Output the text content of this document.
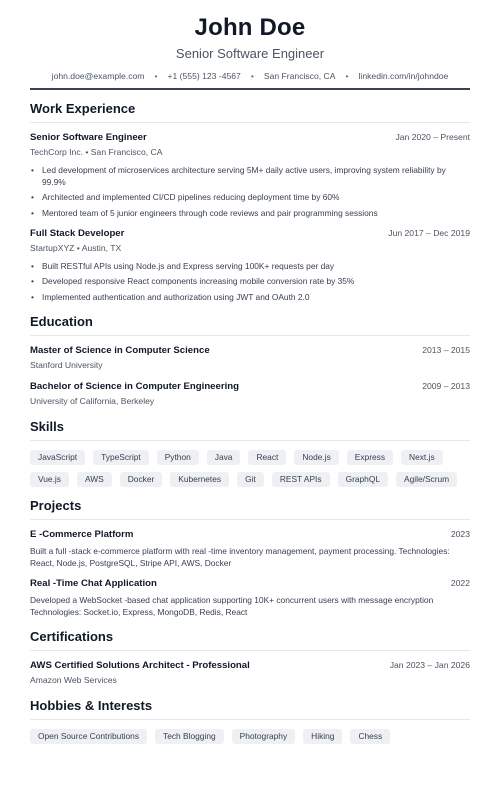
John Doe
Senior Software Engineer
john.doe@example.com • +1 (555) 123 -4567 • San Francisco, CA • linkedin.com/in/johndoe
Work Experience
Senior Software Engineer	Jan 2020 – Present
TechCorp Inc. • San Francisco, CA
• Led development of microservices architecture serving 5M+ daily active users, improving system reliability by 99.9%
• Architected and implemented CI/CD pipelines reducing deployment time by 60%
• Mentored team of 5 junior engineers through code reviews and pair programming sessions
Full Stack Developer	Jun 2017 – Dec 2019
StartupXYZ • Austin, TX
• Built RESTful APIs using Node.js and Express serving 100K+ requests per day
• Developed responsive React components increasing mobile conversion rate by 35%
• Implemented authentication and authorization using JWT and OAuth 2.0
Education
Master of Science in Computer Science	2013 – 2015
Stanford University
Bachelor of Science in Computer Engineering	2009 – 2013
University of California, Berkeley
Skills
JavaScript	TypeScript	Python	Java	React	Node.js	Express	Next.js
Vue.js	AWS	Docker	Kubernetes	Git	REST APIs	GraphQL	Agile/Scrum
Projects
E -Commerce Platform	2023
Built a full -stack e-commerce platform with real -time inventory management, payment processing. Technologies: React, Node.js, PostgreSQL, Stripe API, AWS, Docker
Real -Time Chat Application	2022
Developed a WebSocket -based chat application supporting 10K+ concurrent users with message encryption Technologies: Socket.io, Express, MongoDB, Redis, React
Certifications
AWS Certified Solutions Architect - Professional	Jan 2023 – Jan 2026
Amazon Web Services
Hobbies & Interests
Open Source Contributions	Tech Blogging	Photography	Hiking	Chess
